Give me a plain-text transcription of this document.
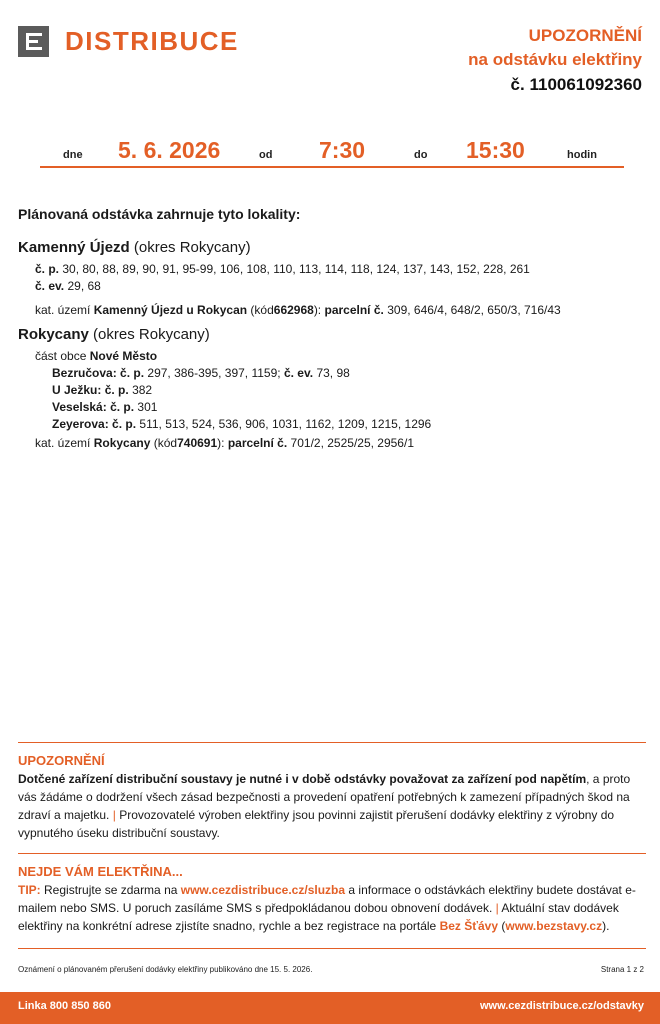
DISTRIBUCE	UPOZORNĚNÍ
na odstávku elektřiny
č. 110061092360
dne 5. 6. 2026	od 7:30	do 15:30	hodin

Plánovaná odstávka zahrnuje tyto lokality:

Kamenný Újezd (okres Rokycany)

č. p. 30, 80, 88, 89, 90, 91, 95-99, 106, 108, 110, 113, 114, 118, 124, 137, 143, 152, 228, 261

č. ev. 29, 68

kat. území Kamenný Újezd u Rokycan (kód662968): parcelní č. 309, 646/4, 648/2, 650/3, 716/43

Rokycany (okres Rokycany)

část obce Nové Město

Bezručova: č. p. 297, 386-395, 397, 1159; č. ev. 73, 98

U Ježku: č. p. 382

Veselská: č. p. 301

Zeyerova: č. p. 511, 513, 524, 536, 906, 1031, 1162, 1209, 1215, 1296

kat. území Rokycany (kód740691): parcelní č. 701/2, 2525/25, 2956/1

UPOZORNĚNÍ

Dotčené zařízení distribuční soustavy je nutné i v době odstávky považovat za zařízení pod napětím, a proto vás žádáme o dodržení všech zásad bezpečnosti a provedení opatření potřebných k zamezení případných škod na zdraví a majetku. | Provozovatelé výroben elektřiny jsou povinni zajistit přerušení dodávky elektřiny z výrobny do vypnutého úseku distribuční soustavy.

NEJDE VÁM ELEKTŘINA...

TIP: Registrujte se zdarma na www.cezdistribuce.cz/sluzba a informace o odstávkách elektřiny budete dostávat e-mailem nebo SMS. U poruch zasíláme SMS s předpokládanou dobou obnovení dodávek. | Aktuální stav dodávek elektřiny na konkrétní adrese zjistíte snadno, rychle a bez registrace na portále Bez Šťávy (www.bezstavy.cz).

Oznámení o plánovaném přerušení dodávky elektřiny publikováno dne 15. 5. 2026.	Strana 1 z 2
Linka 800 850 860	www.cezdistribuce.cz/odstavky
